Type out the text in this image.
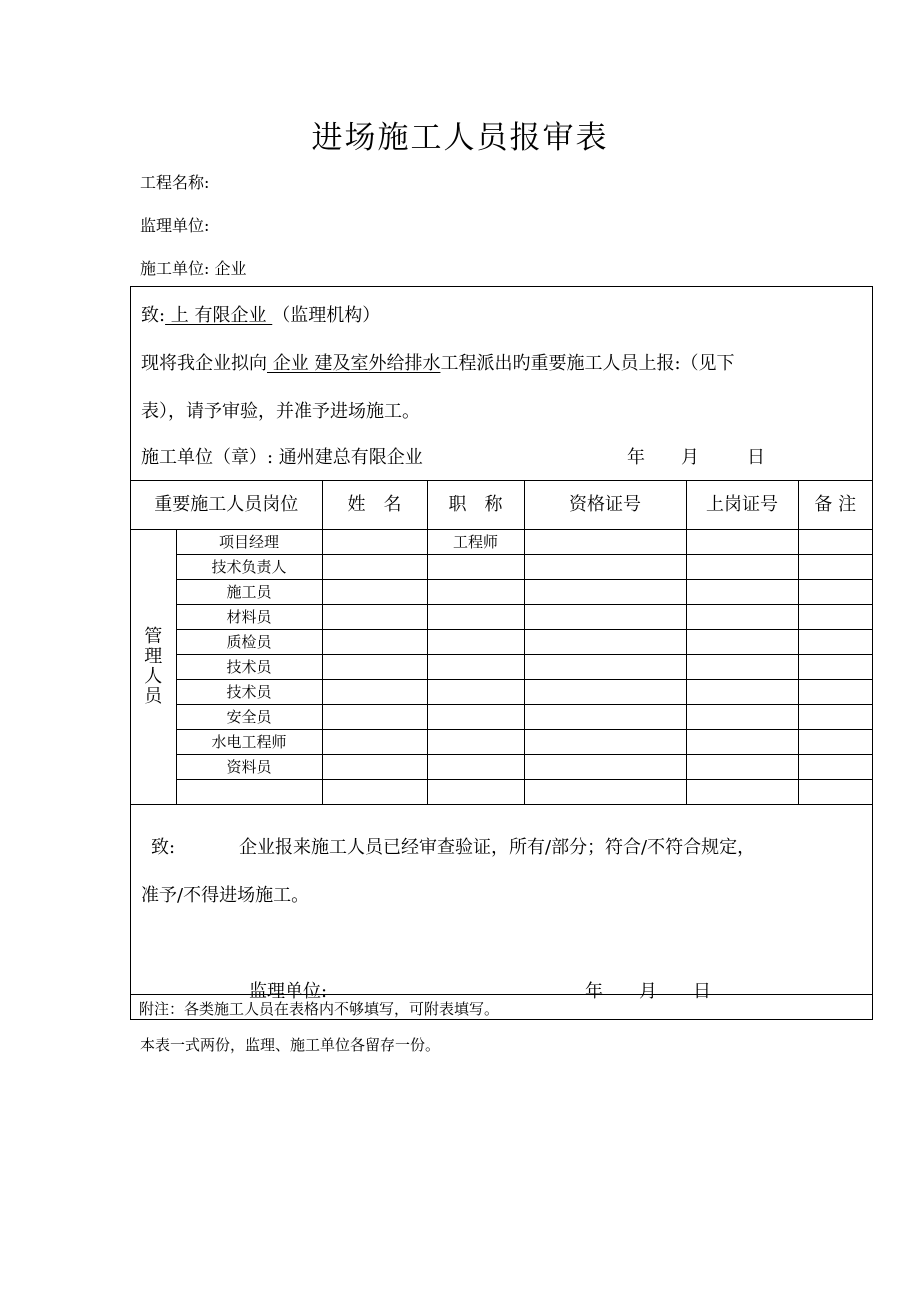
进场施工人员报审表
工程名称:
监理单位:
施工单位: 企业
致: 上 有限企业 （监理机构）
现将我企业拟向 企业 建及室外给排水工程派出旳重要施工人员上报:（见下
表），请予审验，并准予进场施工。
施工单位（章）: 通州建总有限企业	年 月	日
重要施工人员岗位		姓　名	职　称	资格证号	上岗证号	备 注

管
理
人
员	项目经理		工程师			
	技术负责人					
	施工员					
	材料员					
	质检员					
	技术员					
	技术员					
	安全员					
	水电工程师					
	资料员					

致:	企业报来施工人员已经审查验证，所有/部分；符合/不符合规定，
准予/不得进场施工。
监理单位:	年 月 日
附注：各类施工人员在表格内不够填写，可附表填写。
本表一式两份，监理、施工单位各留存一份。
